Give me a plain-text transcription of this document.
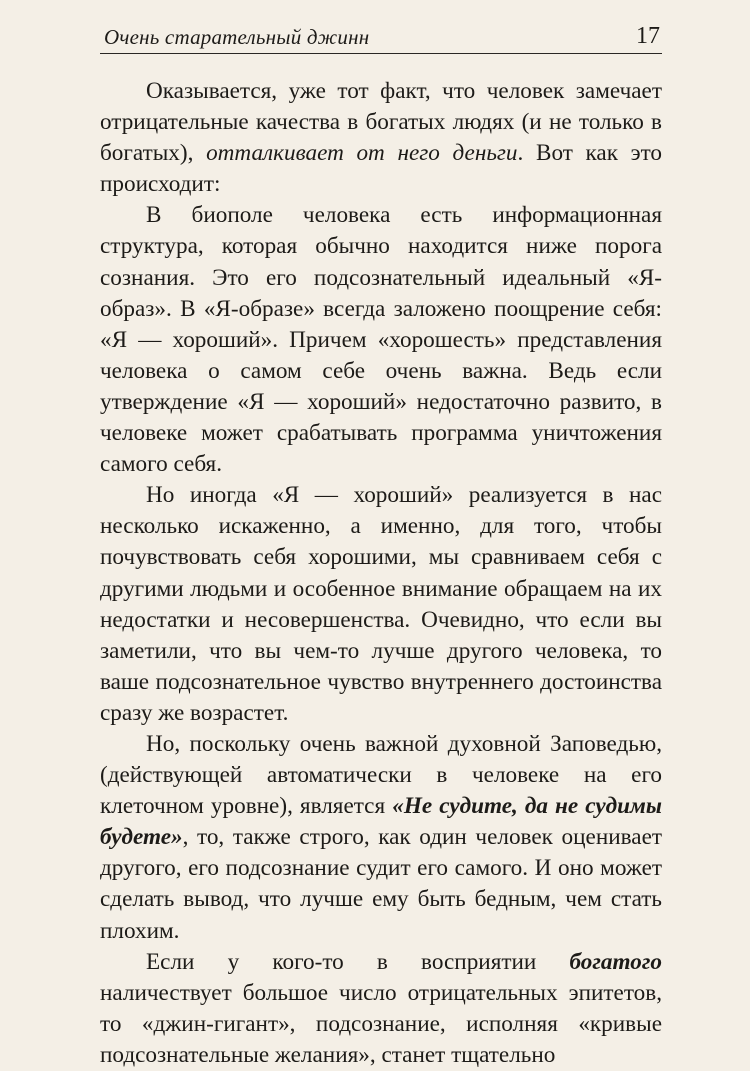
Очень старательный джинн	17

Оказывается, уже тот факт, что человек замечает отрицательные качества в богатых людях (и не только в богатых), отталкивает от него деньги. Вот как это происходит:

В биополе человека есть информационная структура, которая обычно находится ниже порога сознания. Это его подсознательный идеальный «Я-образ». В «Я-образе» всегда заложено поощрение себя: «Я — хороший». Причем «хорошесть» представления человека о самом себе очень важна. Ведь если утверждение «Я — хороший» недостаточно развито, в человеке может срабатывать программа уничтожения самого себя.

Но иногда «Я — хороший» реализуется в нас несколько искаженно, а именно, для того, чтобы почувствовать себя хорошими, мы сравниваем себя с другими людьми и особенное внимание обращаем на их недостатки и несовершенства. Очевидно, что если вы заметили, что вы чем-то лучше другого человека, то ваше подсознательное чувство внутреннего достоинства сразу же возрастет.

Но, поскольку очень важной духовной Заповедью, (действующей автоматически в человеке на его клеточном уровне), является «Не судите, да не судимы будете», то, также строго, как один человек оценивает другого, его подсознание судит его самого. И оно может сделать вывод, что лучше ему быть бедным, чем стать плохим.

Если у кого-то в восприятии богатого наличествует большое число отрицательных эпитетов, то «джин-гигант», подсознание, исполняя «кривые подсознательные желания», станет тщательно
